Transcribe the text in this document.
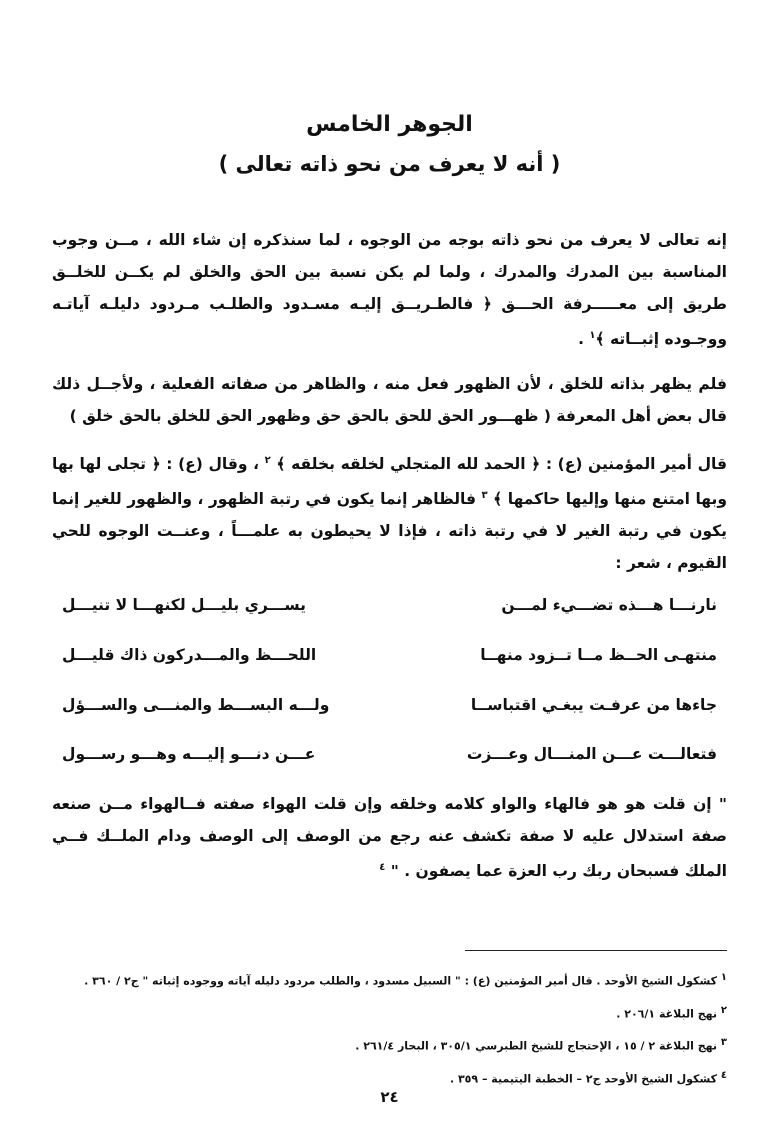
الجوهر الخامس
( أنه لا يعرف من نحو ذاته تعالى )

إنه تعالى لا يعرف من نحو ذاته بوجه من الوجوه ، لما سنذكره إن شاء الله ، مــن وجوب المناسبة بين المدرك والمدرك ، ولما لم يكن نسبة بين الحق والخلق لم يكــن للخلــق طريق إلى معـــــرفة الحـــق ﴿ فالطـريــق إليـه مسـدود والطلـب مـردود دليلـه آياتـه ووجـوده إثبــاته ﴾$^١$ .

فلم يظهر بذاته للخلق ، لأن الظهور فعل منه ، والظاهر من صفاته الفعلية ، ولأجــل ذلك قال بعض أهل المعرفة ( ظهـــور الحق للحق بالحق حق وظهور الحق للخلق بالحق خلق )

قال أمير المؤمنين (ع) : ﴿ الحمد لله المتجلي لخلقه بخلقه ﴾ $^٢$ ، وقال (ع) : ﴿ تجلى لها بها وبها امتنع منها وإليها حاكمها ﴾ $^٣$ فالظاهر إنما يكون في رتبة الظهور ، والظهور للغير إنما يكون في رتبة الغير لا في رتبة ذاته ، فإذا لا يحيطون به علمـــاً ، وعنــت الوجوه للحي القيوم ، شعر :

نارنـــا هـــذه تضـــيء لمـــن
يســـري بليـــل لكنهـــا لا تنيـــل
منتهـى الحــظ مــا تــزود منهــا
اللحـــظ والمـــدركون ذاك قليـــل
جاءها من عرفـت يبغـي اقتباســا
ولـــه البســـط والمنـــى والســـؤل
فتعالـــت عـــن المنـــال وعـــزت
عـــن دنـــو إليـــه وهـــو رســـول

" إن قلت هو هو فالهاء والواو كلامه وخلقه وإن قلت الهواء صفته فــالهواء مــن صنعه صفة استدلال عليه لا صفة تكشف عنه رجع من الوصف إلى الوصف ودام الملــك فــي الملك فسبحان ربك رب العزة عما يصفون . " $^٤$

$^١$ كشكول الشيخ الأوحد . قال أمير المؤمنين (ع) : " السبيل مسدود ، والطلب مردود دليله آياته ووجوده إثباته " ج٢ / ٣٦٠ .

$^٢$ نهج البلاغة ٢٠٦/١ .

$^٣$ نهج البلاغة ٢ / ١٥ ، الإحتجاج للشيخ الطبرسي ٣٠٥/١ ، البحار ٢٦١/٤ .

$^٤$ كشكول الشيخ الأوحد ج٢ – الخطبة اليتيمية – ٣٥٩ .

٢٤
